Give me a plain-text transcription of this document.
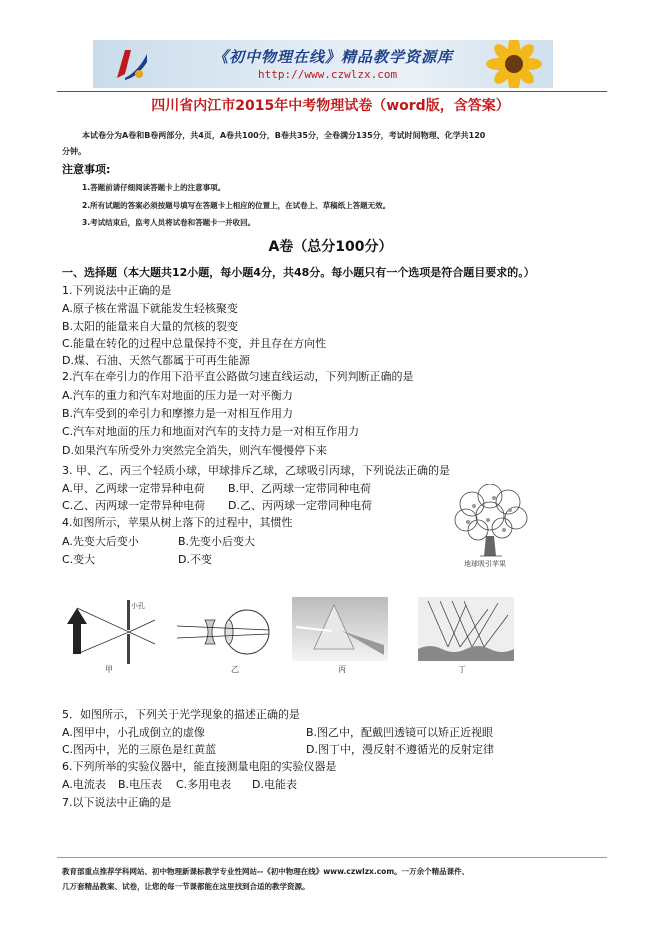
《初中物理在线》精品教学资源库
http://www.czwlzx.com
四川省内江市2015年中考物理试卷（word版，含答案）
本试卷分为A卷和B卷两部分，共4页，A卷共100分，B卷共35分，全卷满分135分，考试时间物理、化学共120
分钟。
注意事项:
1.答题前请仔细阅读答题卡上的注意事项。
2.所有试题的答案必须按题号填写在答题卡上相应的位置上，在试卷上、草稿纸上答题无效。
3.考试结束后，监考人员将试卷和答题卡一并收回。
A卷（总分100分）
一、选择题（本大题共12小题，每小题4分，共48分。每小题只有一个选项是符合题目要求的。）
1.下列说法中正确的是
A.原子核在常温下就能发生轻核聚变
B.太阳的能量来自大量的氘核的裂变
C.能量在转化的过程中总量保持不变，并且存在方向性
D.煤、石油、天然气都属于可再生能源
2.汽车在牵引力的作用下沿平直公路做匀速直线运动，下列判断正确的是
A.汽车的重力和汽车对地面的压力是一对平衡力
B.汽车受到的牵引力和摩擦力是一对相互作用力
C.汽车对地面的压力和地面对汽车的支持力是一对相互作用力
D.如果汽车所受外力突然完全消失，则汽车慢慢停下来
3. 甲、乙、丙三个轻质小球，甲球排斥乙球，乙球吸引丙球，下列说法正确的是
A.甲、乙两球一定带异种电荷 B.甲、乙两球一定带同种电荷
C.乙、丙两球一定带异种电荷 D.乙、丙两球一定带同种电荷
4.如图所示，苹果从树上落下的过程中，其惯性
A.先变大后变小	B.先变小后变大
C.变大	D.不变	地球吸引苹果
小孔
甲	乙	丙	丁
5．如图所示，下列关于光学现象的描述正确的是
A.图甲中，小孔成倒立的虚像	B.图乙中，配戴凹透镜可以矫正近视眼
C.图丙中，光的三原色是红黄蓝	D.图丁中，漫反射不遵循光的反射定律
6.下列所举的实验仪器中，能直接测量电阻的实验仪器是
A.电流表 B.电压表 C.多用电表 D.电能表
7.以下说法中正确的是
教育部重点推荐学科网站、初中物理新课标教学专业性网站--《初中物理在线》www.czwlzx.com。一万余个精品课件、
几万套精品教案、试卷，让您的每一节课都能在这里找到合适的教学资源。
